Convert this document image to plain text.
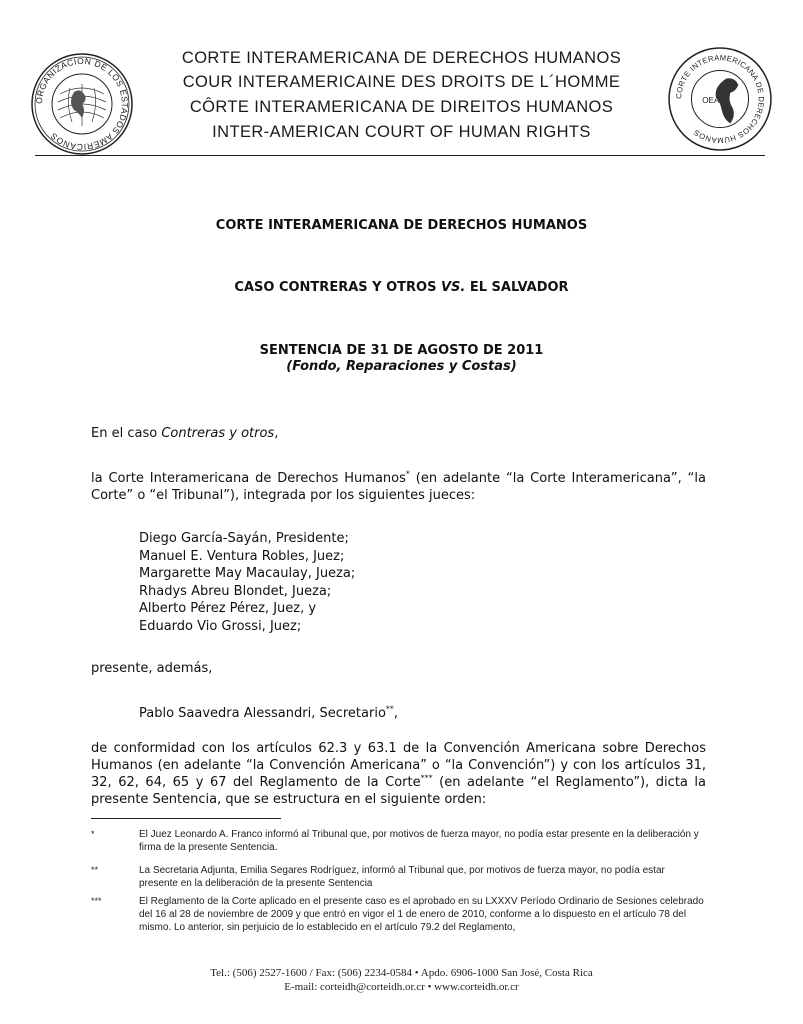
ORGANIZACION DE LOS ESTADOS AMERICANOS
CORTE INTERAMERICANA DE DERECHOS HUMANOS
COUR INTERAMERICAINE DES DROITS DE L´HOMME
CÔRTE INTERAMERICANA DE DIREITOS HUMANOS
INTER-AMERICAN COURT OF HUMAN RIGHTS
CORTE INTERAMERICANA DE DERECHOS HUMANOS
OEA
CORTE INTERAMERICANA DE DERECHOS HUMANOS
CASO CONTRERAS Y OTROS VS. EL SALVADOR
SENTENCIA DE 31 DE AGOSTO DE 2011
(Fondo, Reparaciones y Costas)
En el caso Contreras y otros,
la Corte Interamericana de Derechos Humanos* (en adelante “la Corte Interamericana”, “la Corte” o “el Tribunal”), integrada por los siguientes jueces:
Diego García-Sayán, Presidente;
Manuel E. Ventura Robles, Juez;
Margarette May Macaulay, Jueza;
Rhadys Abreu Blondet, Jueza;
Alberto Pérez Pérez, Juez, y
Eduardo Vio Grossi, Juez;
presente, además,
Pablo Saavedra Alessandri, Secretario**,
de conformidad con los artículos 62.3 y 63.1 de la Convención Americana sobre Derechos Humanos (en adelante “la Convención Americana” o “la Convención”) y con los artículos 31, 32, 62, 64, 65 y 67 del Reglamento de la Corte*** (en adelante “el Reglamento”), dicta la presente Sentencia, que se estructura en el siguiente orden:
*	El Juez Leonardo A. Franco informó al Tribunal que, por motivos de fuerza mayor, no podía estar presente en la deliberación y firma de la presente Sentencia.
**	La Secretaria Adjunta, Emilia Segares Rodríguez, informó al Tribunal que, por motivos de fuerza mayor, no podía estar presente en la deliberación de la presente Sentencia
***	El Reglamento de la Corte aplicado en el presente caso es el aprobado en su LXXXV Período Ordinario de Sesiones celebrado del 16 al 28 de noviembre de 2009 y que entró en vigor el 1 de enero de 2010, conforme a lo dispuesto en el artículo 78 del mismo. Lo anterior, sin perjuicio de lo establecido en el artículo 79.2 del Reglamento,
Tel.: (506) 2527-1600 / Fax: (506) 2234-0584 • Apdo. 6906-1000 San José, Costa Rica
E-mail: corteidh@corteidh.or.cr • www.corteidh.or.cr
